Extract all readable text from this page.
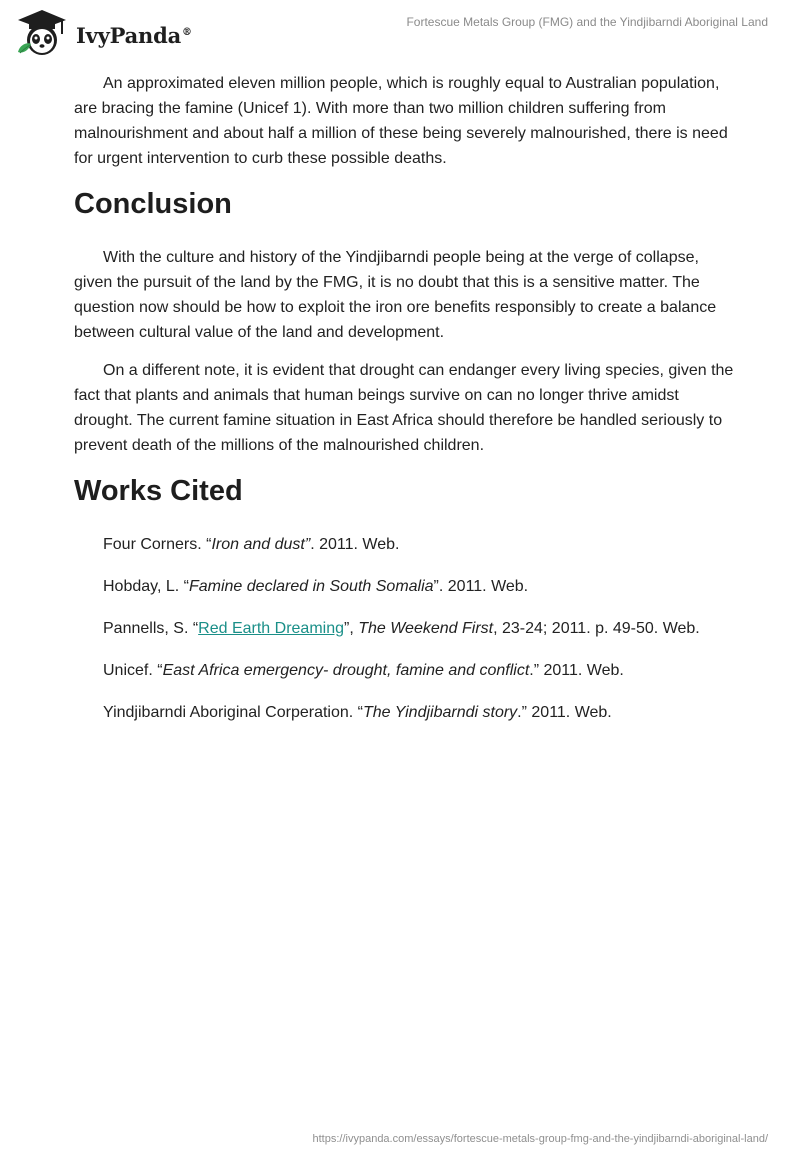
IvyPanda®
Fortescue Metals Group (FMG) and the Yindjibarndi Aboriginal Land

An approximated eleven million people, which is roughly equal to Australian population, are bracing the famine (Unicef 1). With more than two million children suffering from malnourishment and about half a million of these being severely malnourished, there is need for urgent intervention to curb these possible deaths.

Conclusion

With the culture and history of the Yindjibarndi people being at the verge of collapse, given the pursuit of the land by the FMG, it is no doubt that this is a sensitive matter. The question now should be how to exploit the iron ore benefits responsibly to create a balance between cultural value of the land and development.

On a different note, it is evident that drought can endanger every living species, given the fact that plants and animals that human beings survive on can no longer thrive amidst drought. The current famine situation in East Africa should therefore be handled seriously to prevent death of the millions of the malnourished children.

Works Cited

Four Corners. “Iron and dust”. 2011. Web.

Hobday, L. “Famine declared in South Somalia”. 2011. Web.

Pannells, S. “Red Earth Dreaming”, The Weekend First, 23-24; 2011. p. 49-50. Web.

Unicef. “East Africa emergency- drought, famine and conflict.” 2011. Web.

Yindjibarndi Aboriginal Corperation. “The Yindjibarndi story.” 2011. Web.

https://ivypanda.com/essays/fortescue-metals-group-fmg-and-the-yindjibarndi-aboriginal-land/
